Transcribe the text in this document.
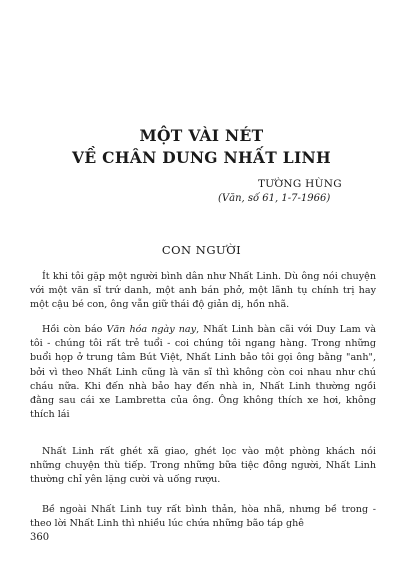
MỘT VÀI NÉT
VỀ CHÂN DUNG NHẤT LINH
TƯỜNG HÙNG
(Văn, số 61, 1-7-1966)
CON NGƯỜI

Ít khi tôi gặp một người bình dân như Nhất Linh. Dù ông nói chuyện với một văn sĩ trứ danh, một anh bán phở, một lãnh tụ chính trị hay một cậu bé con, ông vẫn giữ thái độ giản dị, hồn nhã.

Hồi còn báo Văn hóa ngày nay, Nhất Linh bàn cãi với Duy Lam và tôi - chúng tôi rất trẻ tuổi - coi chúng tôi ngang hàng. Trong những buổi họp ở trung tâm Bút Việt, Nhất Linh bảo tôi gọi ông bằng "anh", bởi vì theo Nhất Linh cũng là văn sĩ thì không còn coi nhau như chú cháu nữa. Khi đến nhà bảo hay đến nhà in, Nhất Linh thường ngồi đằng sau cái xe Lambretta của ông. Ông không thích xe hơi, không thích lái

Nhất Linh rất ghét xã giao, ghét lọc vào một phòng khách nói những chuyện thù tiếp. Trong những bữa tiệc đông người, Nhất Linh thường chỉ yên lặng cười và uống rượu.

Bề ngoài Nhất Linh tuy rất bình thản, hòa nhã, nhưng bề trong - theo lời Nhất Linh thì nhiều lúc chứa những bão táp ghê

360
